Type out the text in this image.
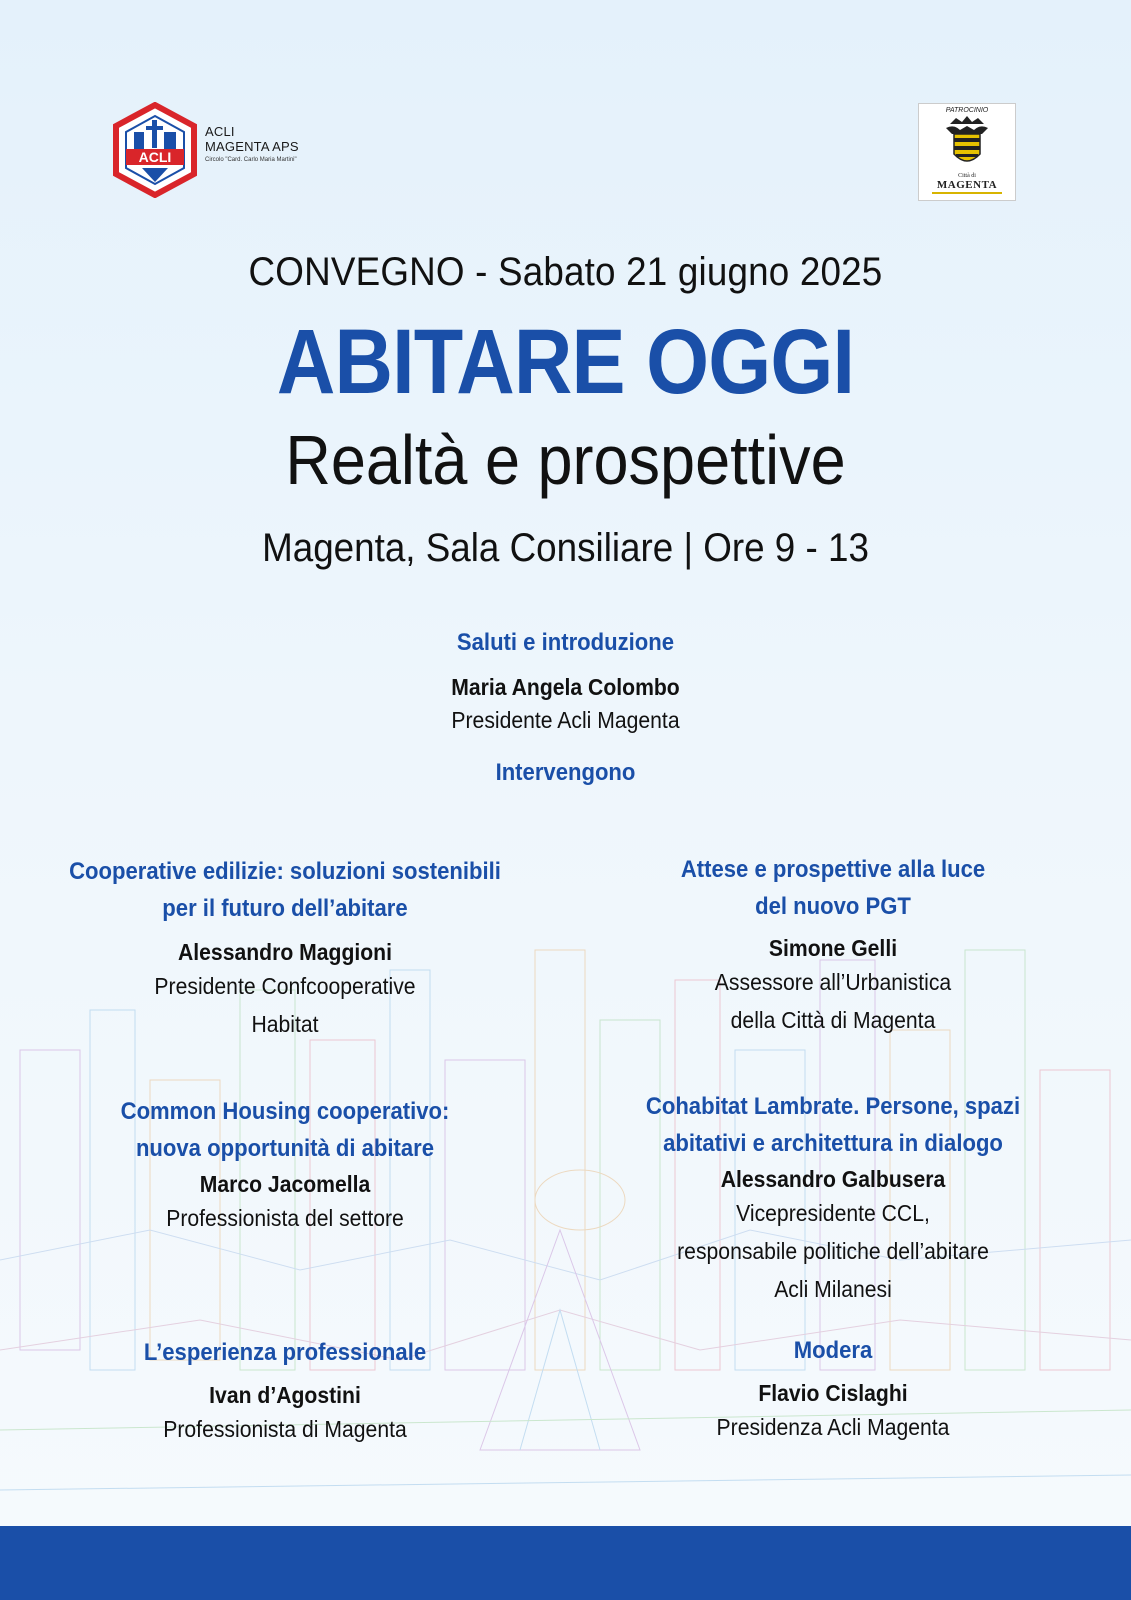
ACLI
ACLI
MAGENTA APS
Circolo "Card. Carlo Maria Martini"
PATROCINIO
Città di
MAGENTA
CONVEGNO - Sabato 21 giugno 2025
ABITARE OGGI
Realtà e prospettive
Magenta, Sala Consiliare | Ore 9 - 13
Saluti e introduzione
Maria Angela Colombo
Presidente Acli Magenta
Intervengono
Cooperative edilizie: soluzioni sostenibili
per il futuro dell’abitare
Alessandro Maggioni
Presidente Confcooperative
Habitat
Common Housing cooperativo:
nuova opportunità di abitare
Marco Jacomella
Professionista del settore
L’esperienza professionale
Ivan d’Agostini
Professionista di Magenta
Attese e prospettive alla luce
del nuovo PGT
Simone Gelli
Assessore all’Urbanistica
della Città di Magenta
Cohabitat Lambrate. Persone, spazi
abitativi e architettura in dialogo
Alessandro Galbusera
Vicepresidente CCL,
responsabile politiche dell’abitare
Acli Milanesi
Modera
Flavio Cislaghi
Presidenza Acli Magenta
